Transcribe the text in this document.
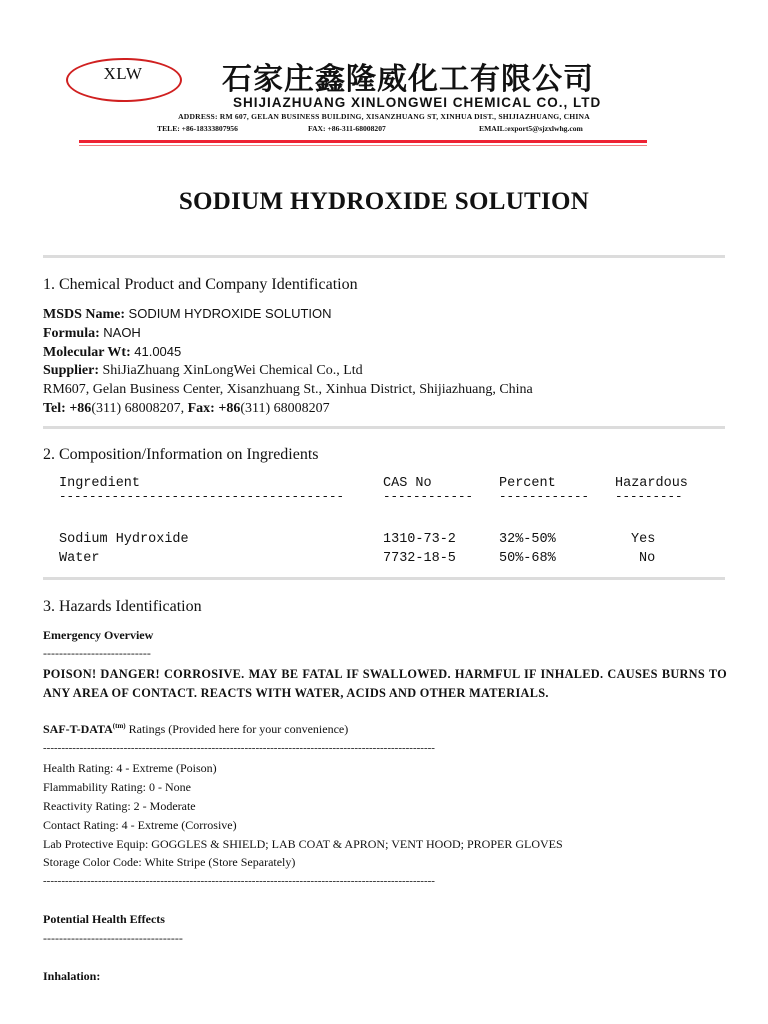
XLW	石家庄鑫隆威化工有限公司
SHIJIAZHUANG XINLONGWEI CHEMICAL CO., LTD
ADDRESS: RM 607, GELAN BUSINESS BUILDING, XISANZHUANG ST, XINHUA DIST., SHIJIAZHUANG, CHINA
TELE: +86-18333807956	FAX: +86-311-68008207	EMAIL:export5@sjzxlwhg.com
SODIUM HYDROXIDE SOLUTION
1. Chemical Product and Company Identification
MSDS Name: SODIUM HYDROXIDE SOLUTION
Formula: NAOH
Molecular Wt: 41.0045
Supplier: ShiJiaZhuang XinLongWei Chemical Co., Ltd
RM607, Gelan Business Center, Xisanzhuang St., Xinhua District, Shijiazhuang, China
Tel: +86(311) 68008207, Fax: +86(311) 68008207
2. Composition/Information on Ingredients
Ingredient	CAS No	Percent	Hazardous
--------------------------------------	------------ ------------ ---------
Sodium Hydroxide	1310-73-2	32%-50%	Yes
Water	7732-18-5	50%-68%	No
3. Hazards Identification
Emergency Overview
---------------------------
POISON! DANGER! CORROSIVE. MAY BE FATAL IF SWALLOWED. HARMFUL IF INHALED. CAUSES BURNS TO ANY AREA OF CONTACT. REACTS WITH WATER, ACIDS AND OTHER MATERIALS.
SAF-$T-DATA^{(tm)}$ Ratings (Provided here for your convenience)
-----------------------------------------------------------------------------------------------------------
Health Rating: 4 - Extreme (Poison)
Flammability Rating: 0 - None
Reactivity Rating: 2 - Moderate
Contact Rating: 4 - Extreme (Corrosive)
Lab Protective Equip: GOGGLES & SHIELD; LAB COAT & APRON; VENT HOOD; PROPER GLOVES
Storage Color Code: White Stripe (Store Separately)
-----------------------------------------------------------------------------------------------------------
Potential Health Effects
-----------------------------------
Inhalation:
